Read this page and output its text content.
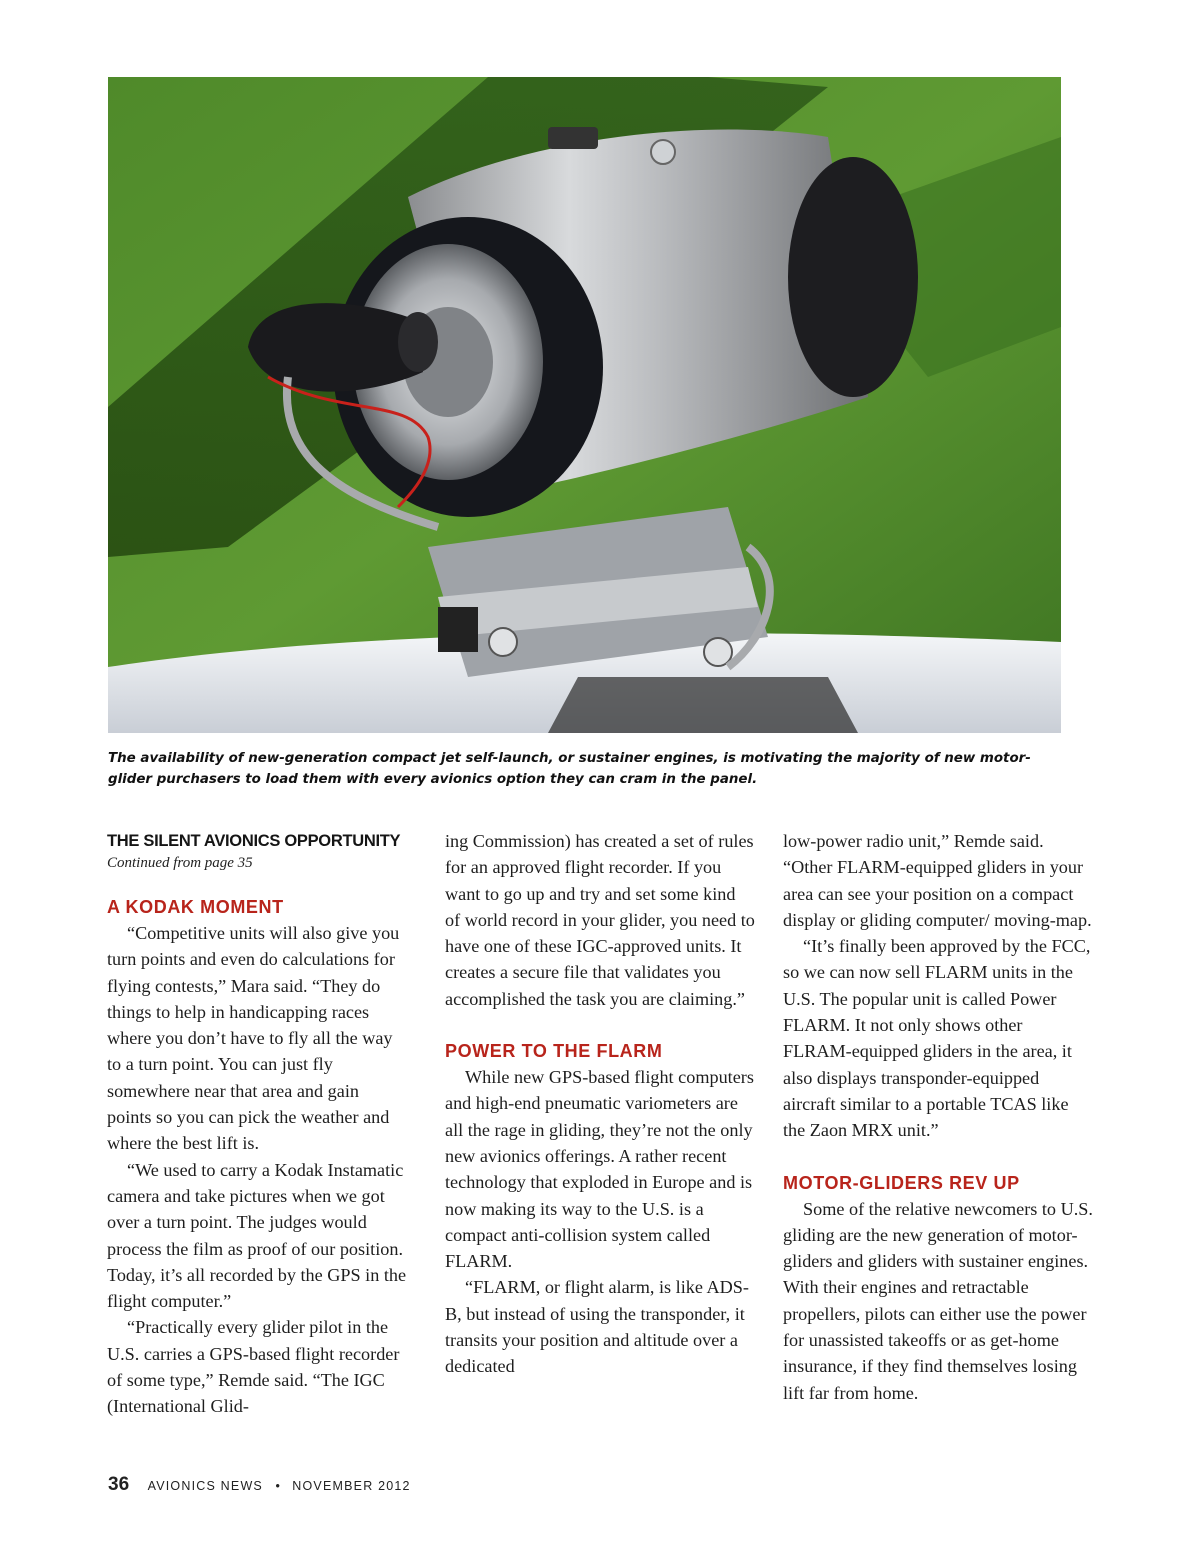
The availability of new-generation compact jet self-launch, or sustainer engines, is motivating the majority of new motor-glider purchasers to load them with every avionics option they can cram in the panel.

THE SILENT AVIONICS OPPORTUNITY

Continued from page 35

A KODAK MOMENT

“Competitive units will also give you turn points and even do calculations for flying contests,” Mara said. “They do things to help in handicapping races where you don’t have to fly all the way to a turn point. You can just fly somewhere near that area and gain points so you can pick the weather and where the best lift is.

“We used to carry a Kodak Instamatic camera and take pictures when we got over a turn point. The judges would process the film as proof of our position. Today, it’s all recorded by the GPS in the flight computer.”

“Practically every glider pilot in the U.S. carries a GPS-based flight recorder of some type,” Remde said. “The IGC (International Glid-

ing Commission) has created a set of rules for an approved flight recorder. If you want to go up and try and set some kind of world record in your glider, you need to have one of these IGC-approved units. It creates a secure file that validates you accomplished the task you are claiming.”

POWER TO THE FLARM

While new GPS-based flight computers and high-end pneumatic variometers are all the rage in gliding, they’re not the only new avionics offerings. A rather recent technology that exploded in Europe and is now making its way to the U.S. is a compact anti-collision system called FLARM.

“FLARM, or flight alarm, is like ADS-B, but instead of using the transponder, it transits your position and altitude over a dedicated

low-power radio unit,” Remde said. “Other FLARM-equipped gliders in your area can see your position on a compact display or gliding computer/ moving-map.

“It’s finally been approved by the FCC, so we can now sell FLARM units in the U.S. The popular unit is called Power FLARM. It not only shows other FLRAM-equipped gliders in the area, it also displays transponder-equipped aircraft similar to a portable TCAS like the Zaon MRX unit.”

MOTOR-GLIDERS REV UP

Some of the relative newcomers to U.S. gliding are the new generation of motor-gliders and gliders with sustainer engines. With their engines and retractable propellers, pilots can either use the power for unassisted takeoffs or as get-home insurance, if they find themselves losing lift far from home.

36 AVIONICS NEWS • NOVEMBER 2012
